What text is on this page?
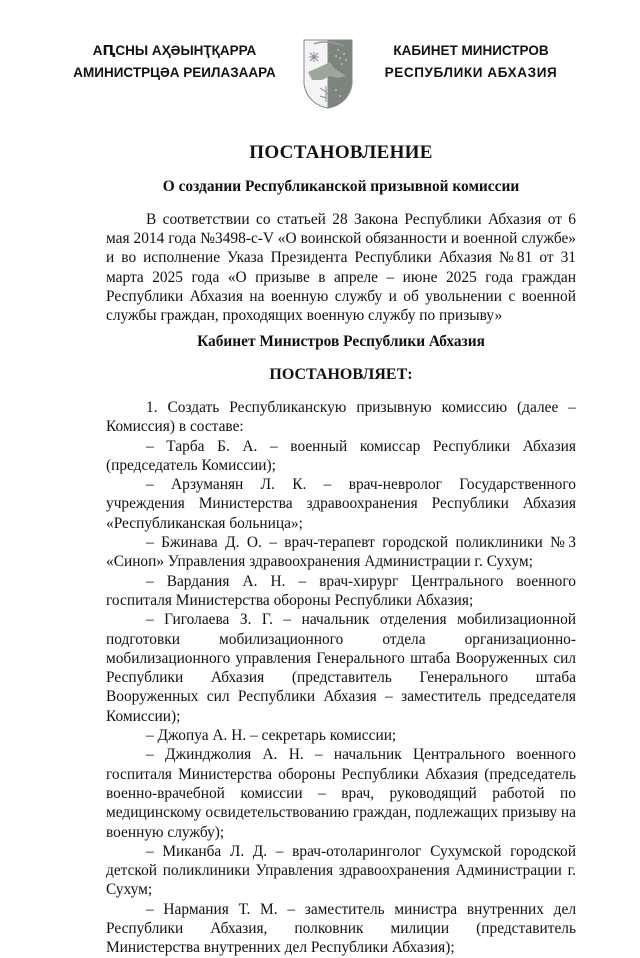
АԤСНЫ АҲӘЫНҬҚАРРА
АМИНИСТРЦӘА РЕИЛАЗААРА
КАБИНЕТ МИНИСТРОВ
РЕСПУБЛИКИ АБХАЗИЯ
ПОСТАНОВЛЕНИЕ
О создании Республиканской призывной комиссии
В соответствии со статьей 28 Закона Республики Абхазия от 6 мая 2014 года №3498-с-V «О воинской обязанности и военной службе» и во исполнение Указа Президента Республики Абхазия №81 от 31 марта 2025 года «О призыве в апреле – июне 2025 года граждан Республики Абхазия на военную службу и об увольнении с военной службы граждан, проходящих военную службу по призыву»
Кабинет Министров Республики Абхазия
ПОСТАНОВЛЯЕТ:

1. Создать Республиканскую призывную комиссию (далее – Комиссия) в составе:

– Тарба Б. А. – военный комиссар Республики Абхазия (председатель Комиссии);

– Арзуманян Л. К. – врач-невролог Государственного учреждения Министерства здравоохранения Республики Абхазия «Республиканская больница»;

– Бжинава Д. О. – врач-терапевт городской поликлиники №3 «Синоп» Управления здравоохранения Администрации г. Сухум;

– Вардания А. Н. – врач-хирург Центрального военного госпиталя Министерства обороны Республики Абхазия;

– Гиголаева З. Г. – начальник отделения мобилизационной подготовки мобилизационного отдела организационно-мобилизационного управления Генерального штаба Вооруженных сил Республики Абхазия (представитель Генерального штаба Вооруженных сил Республики Абхазия – заместитель председателя Комиссии);

– Джопуа А. Н. – секретарь комиссии;

– Джинджолия А. Н. – начальник Центрального военного госпиталя Министерства обороны Республики Абхазия (председатель военно-врачебной комиссии – врач, руководящий работой по медицинскому освидетельствованию граждан, подлежащих призыву на военную службу);

– Миканба Л. Д. – врач-отоларинголог Сухумской городской детской поликлиники Управления здравоохранения Администрации г. Сухум;

– Нармания Т. М. – заместитель министра внутренних дел Республики Абхазия, полковник милиции (представитель Министерства внутренних дел Республики Абхазия);
